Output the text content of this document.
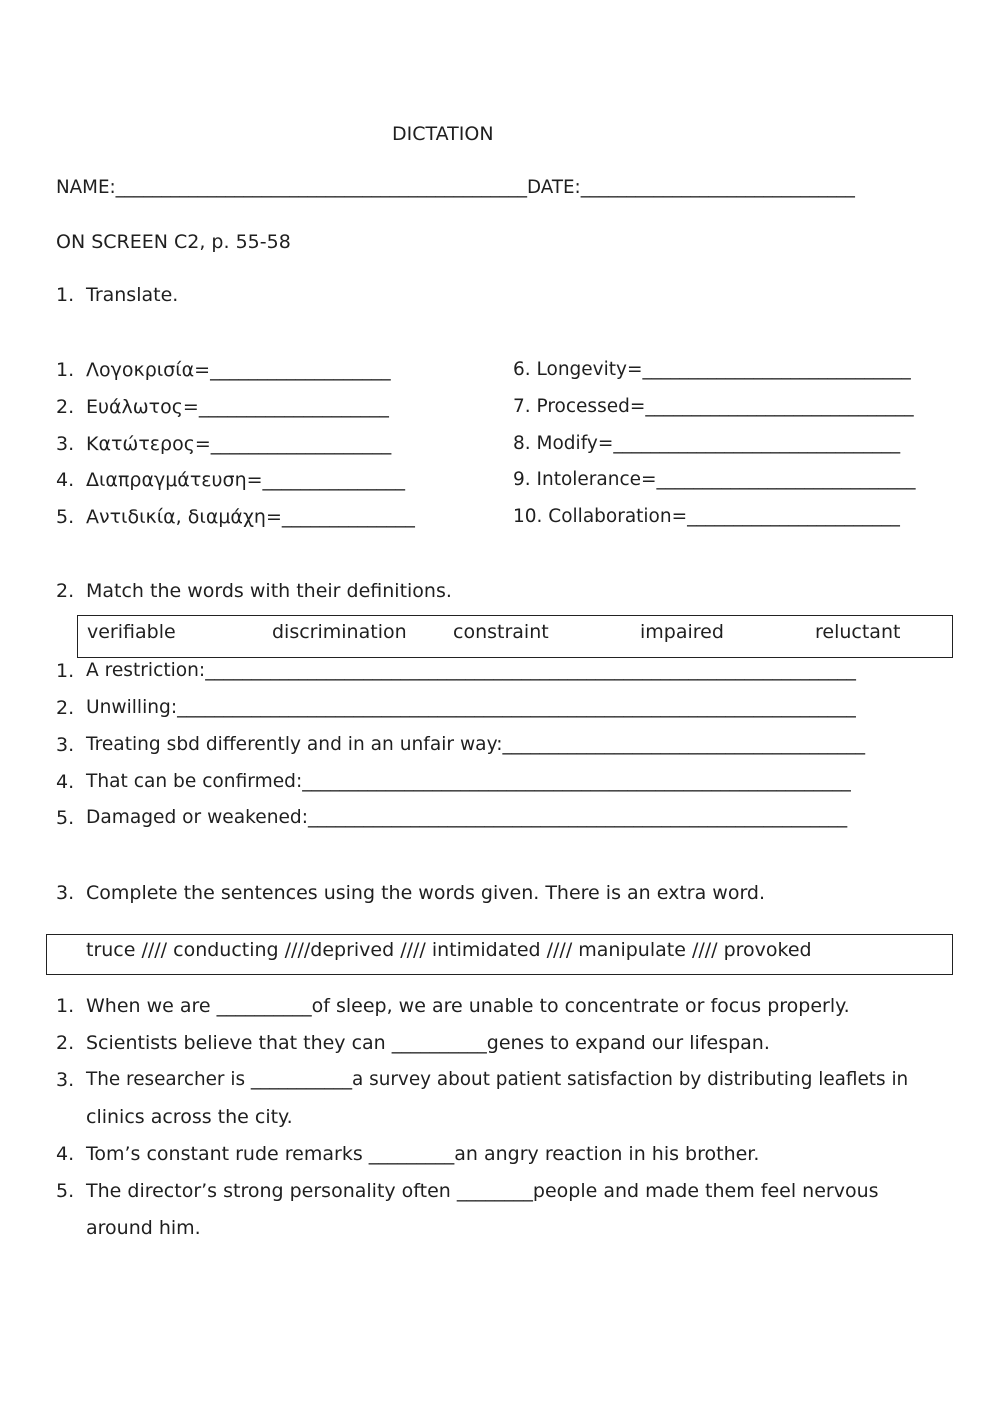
DICTATION
NAME:_____________________________________________DATE:______________________________
ON SCREEN C2, p. 55-58
1. Translate.
1. Λογοκρισία=___________________
2. Ευάλωτος=____________________
3. Κατώτερος=___________________
4. Διαπραγμάτευση=_______________
5. Αντιδικία, διαμάχη=______________
6. Longevity=_____________________________
7. Processed=_____________________________
8. Modify=_______________________________
9. Intolerance=____________________________
10. Collaboration=_______________________
2. Match the words with their definitions.
verifiable	discrimination constraint	impaired	reluctant
1. A restriction:______________________________________________________________________
2. Unwilling:_________________________________________________________________________
3. Treating sbd differently and in an unfair way:_______________________________________
4. That can be confirmed:___________________________________________________________
5. Damaged or weakened:__________________________________________________________
3. Complete the sentences using the words given. There is an extra word.
truce //// conducting ////deprived //// intimidated //// manipulate //// provoked
1. When we are __________of sleep, we are unable to concentrate or focus properly.
2. Scientists believe that they can __________genes to expand our lifespan.
3. The researcher is ___________a survey about patient satisfaction by distributing leaflets in
clinics across the city.
4. Tom’s constant rude remarks _________an angry reaction in his brother.
5. The director’s strong personality often ________people and made them feel nervous
around him.
